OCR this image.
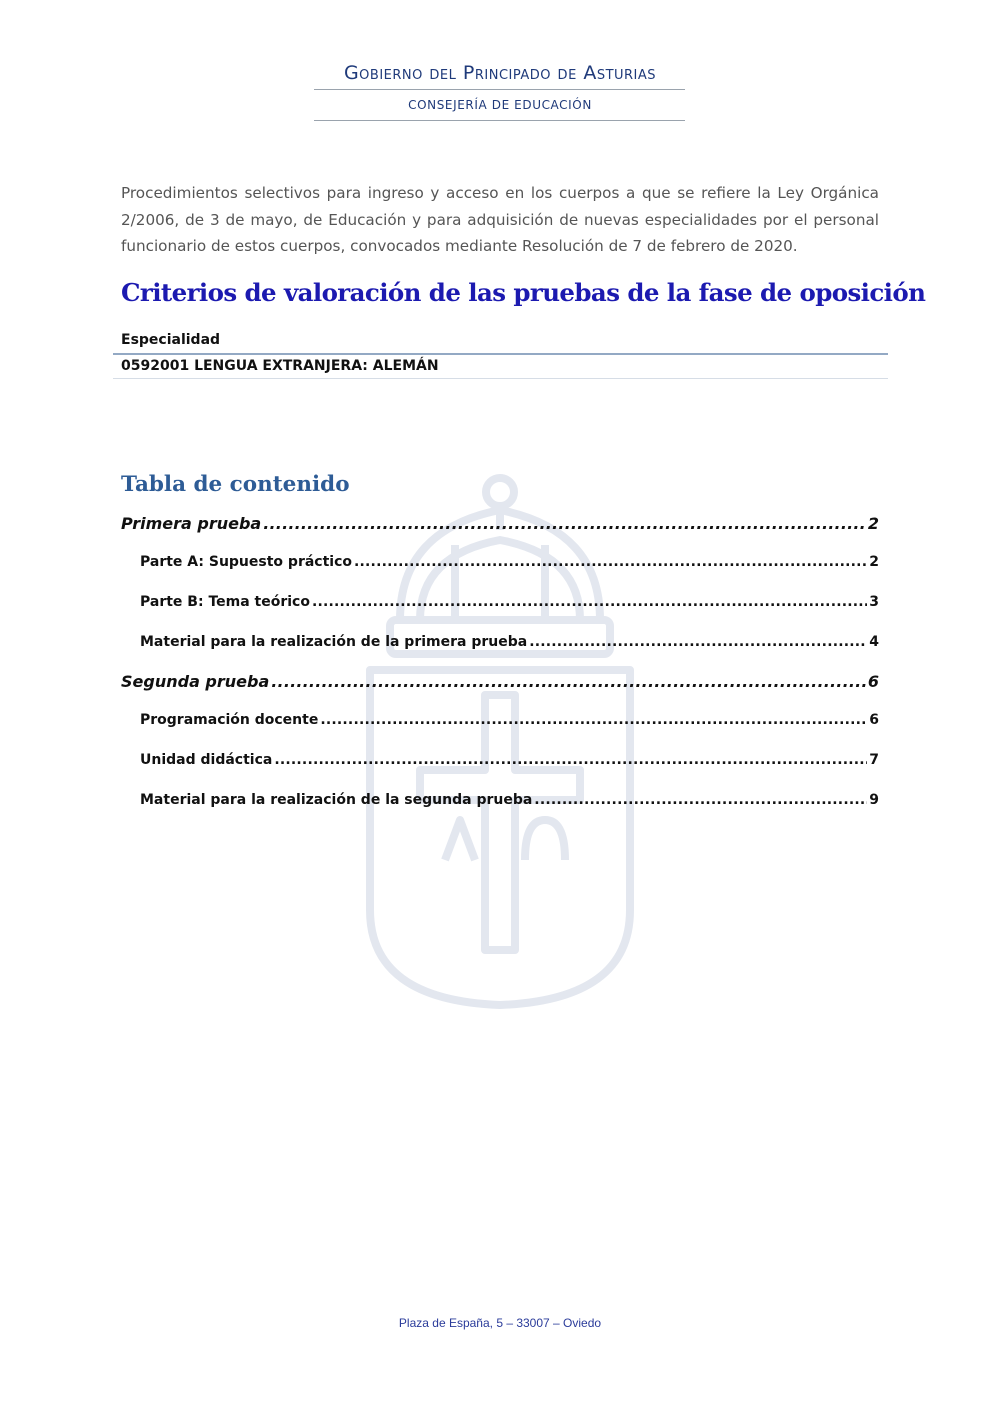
Gobierno del Principado de Asturias
CONSEJERÍA DE EDUCACIÓN
Procedimientos selectivos para ingreso y acceso en los cuerpos a que se refiere la Ley Orgánica 2/2006, de 3 de mayo, de Educación y para adquisición de nuevas especialidades por el personal funcionario de estos cuerpos, convocados mediante Resolución de 7 de febrero de 2020.
Criterios de valoración de las pruebas de la fase de oposición
Especialidad
0592001 LENGUA EXTRANJERA: ALEMÁN
Tabla de contenido
Primera prueba .....	2
Parte A: Supuesto práctico .....	2
Parte B: Tema teórico .....	3
Material para la realización de la primera prueba .....	4
Segunda prueba .....	6
Programación docente .....	6
Unidad didáctica .....	7
Material para la realización de la segunda prueba .....	9
Plaza de España, 5 – 33007 – Oviedo
